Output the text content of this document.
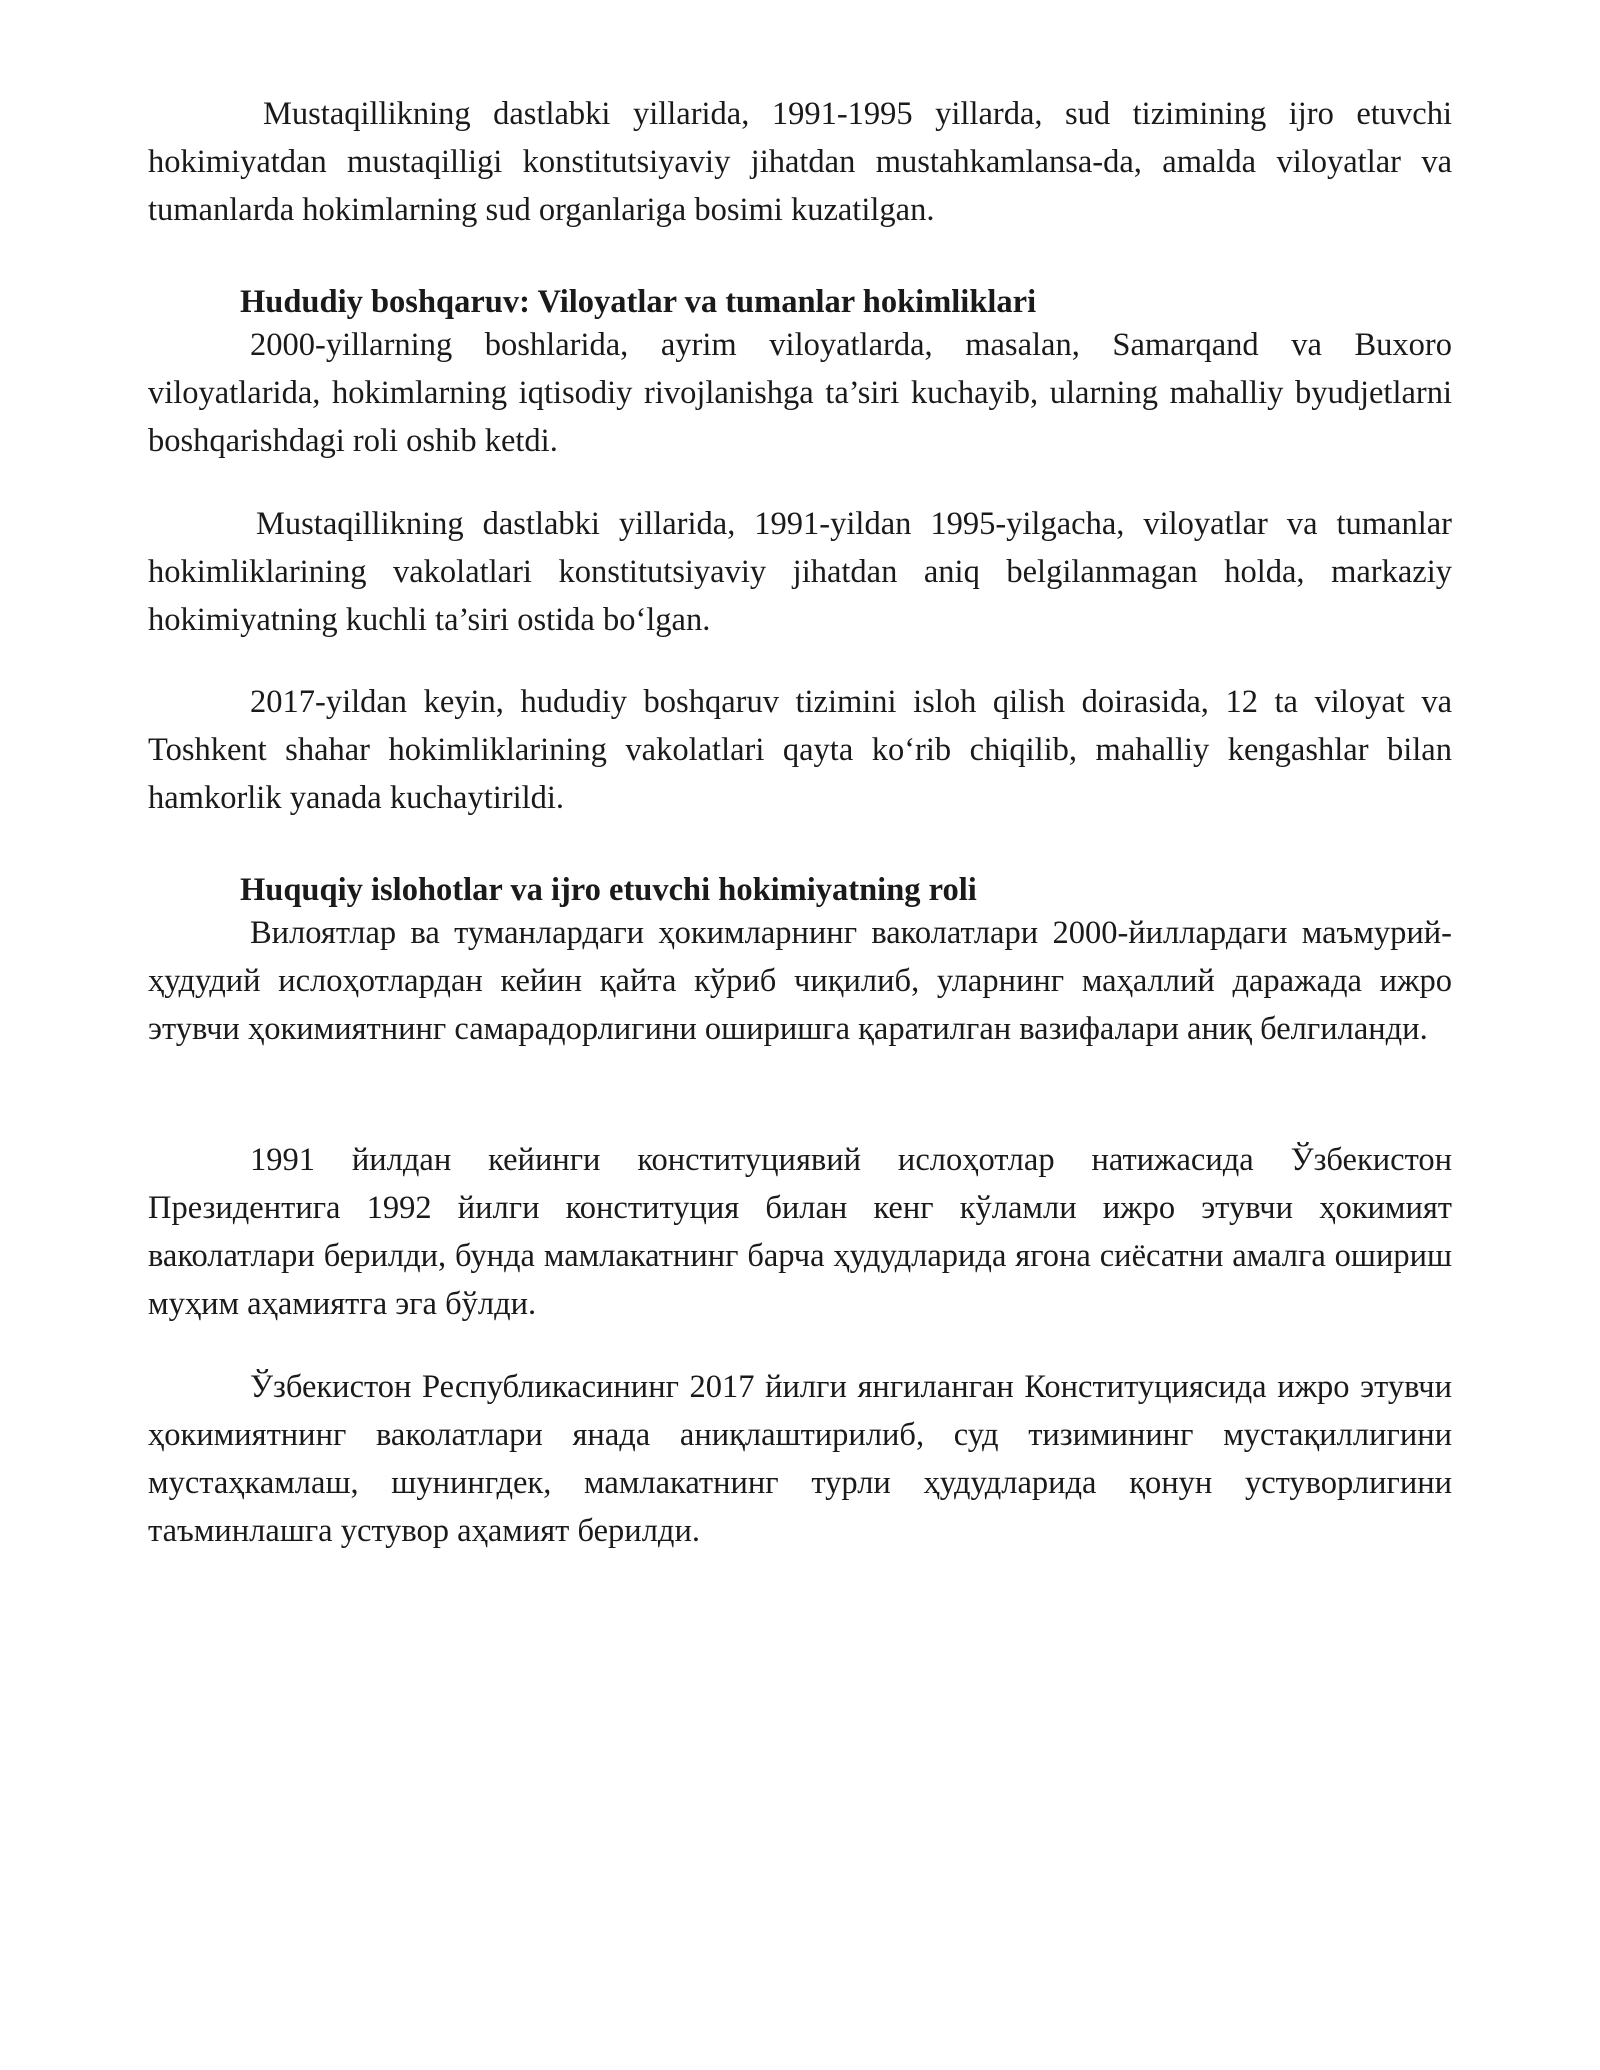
Mustaqillikning dastlabki yillarida, 1991-1995 yillarda, sud tizimining ijro etuvchi hokimiyatdan mustaqilligi konstitutsiyaviy jihatdan mustahkamlansa-da, amalda viloyatlar va tumanlarda hokimlarning sud organlariga bosimi kuzatilgan.

Hududiy boshqaruv: Viloyatlar va tumanlar hokimliklari

2000-yillarning boshlarida, ayrim viloyatlarda, masalan, Samarqand va Buxoro viloyatlarida, hokimlarning iqtisodiy rivojlanishga ta’siri kuchayib, ularning mahalliy byudjetlarni boshqarishdagi roli oshib ketdi.

Mustaqillikning dastlabki yillarida, 1991-yildan 1995-yilgacha, viloyatlar va tumanlar hokimliklarining vakolatlari konstitutsiyaviy jihatdan aniq belgilanmagan holda, markaziy hokimiyatning kuchli ta’siri ostida bo‘lgan.

2017-yildan keyin, hududiy boshqaruv tizimini isloh qilish doirasida, 12 ta viloyat va Toshkent shahar hokimliklarining vakolatlari qayta ko‘rib chiqilib, mahalliy kengashlar bilan hamkorlik yanada kuchaytirildi.

Huquqiy islohotlar va ijro etuvchi hokimiyatning roli

Вилоятлар ва туманлардаги ҳокимларнинг ваколатлари 2000-йиллардаги маъмурий-ҳудудий ислоҳотлардан кейин қайта кўриб чиқилиб, уларнинг маҳаллий даражада ижро этувчи ҳокимиятнинг самарадорлигини оширишга қаратилган вазифалари аниқ белгиланди.

1991 йилдан кейинги конституциявий ислоҳотлар натижасида Ўзбекистон Президентига 1992 йилги конституция билан кенг кўламли ижро этувчи ҳокимият ваколатлари берилди, бунда мамлакатнинг барча ҳудудларида ягона сиёсатни амалга ошириш муҳим аҳамиятга эга бўлди.

Ўзбекистон Республикасининг 2017 йилги янгиланган Конституциясида ижро этувчи ҳокимиятнинг ваколатлари янада аниқлаштирилиб, суд тизимининг мустақиллигини мустаҳкамлаш, шунингдек, мамлакатнинг турли ҳудудларида қонун устуворлигини таъминлашга устувор аҳамият берилди.
